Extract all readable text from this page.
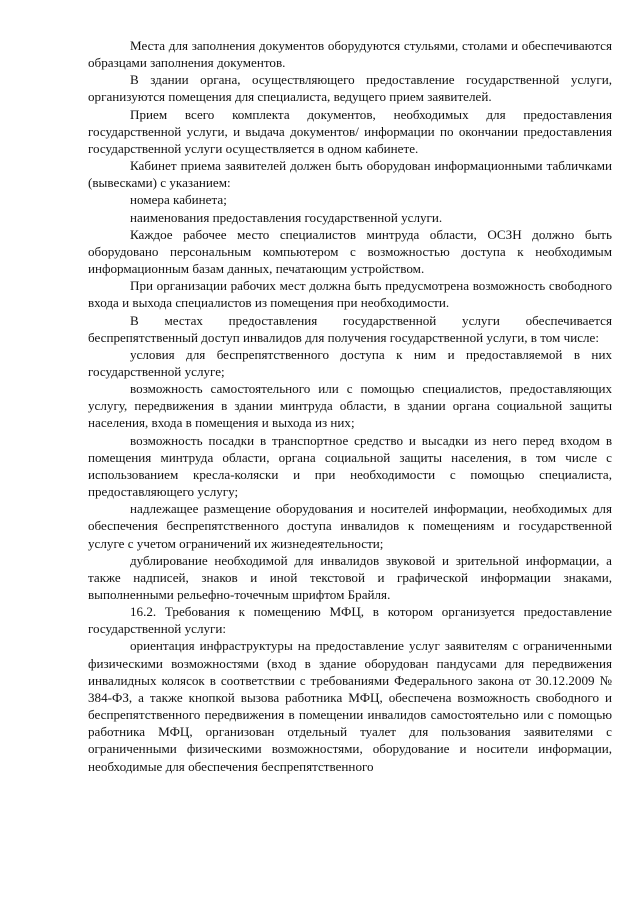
Места для заполнения документов оборудуются стульями, столами и обеспечиваются образцами заполнения документов.

В здании органа, осуществляющего предоставление государственной услуги, организуются помещения для специалиста, ведущего прием заявителей.

Прием всего комплекта документов, необходимых для предоставления государственной услуги, и выдача документов/ информации по окончании предоставления государственной услуги осуществляется в одном кабинете.

Кабинет приема заявителей должен быть оборудован информационными табличками (вывесками) с указанием:

номера кабинета;

наименования предоставления государственной услуги.

Каждое рабочее место специалистов минтруда области, ОСЗН должно быть оборудовано персональным компьютером с возможностью доступа к необходимым информационным базам данных, печатающим устройством.

При организации рабочих мест должна быть предусмотрена возможность свободного входа и выхода специалистов из помещения при необходимости.

В местах предоставления государственной услуги обеспечивается беспрепятственный доступ инвалидов для получения государственной услуги, в том числе:

условия для беспрепятственного доступа к ним и предоставляемой в них государственной услуге;

возможность самостоятельного или с помощью специалистов, предоставляющих услугу, передвижения в здании минтруда области, в здании органа социальной защиты населения, входа в помещения и выхода из них;

возможность посадки в транспортное средство и высадки из него перед входом в помещения минтруда области, органа социальной защиты населения, в том числе с использованием кресла-коляски и при необходимости с помощью специалиста, предоставляющего услугу;

надлежащее размещение оборудования и носителей информации, необходимых для обеспечения беспрепятственного доступа инвалидов к помещениям и государственной услуге с учетом ограничений их жизнедеятельности;

дублирование необходимой для инвалидов звуковой и зрительной информации, а также надписей, знаков и иной текстовой и графической информации знаками, выполненными рельефно-точечным шрифтом Брайля.

16.2. Требования к помещению МФЦ, в котором организуется предоставление государственной услуги:

ориентация инфраструктуры на предоставление услуг заявителям с ограниченными физическими возможностями (вход в здание оборудован пандусами для передвижения инвалидных колясок в соответствии с требованиями Федерального закона от 30.12.2009 № 384-ФЗ, а также кнопкой вызова работника МФЦ, обеспечена возможность свободного и беспрепятственного передвижения в помещении инвалидов самостоятельно или с помощью работника МФЦ, организован отдельный туалет для пользования заявителями с ограниченными физическими возможностями, оборудование и носители информации, необходимые для обеспечения беспрепятственного
